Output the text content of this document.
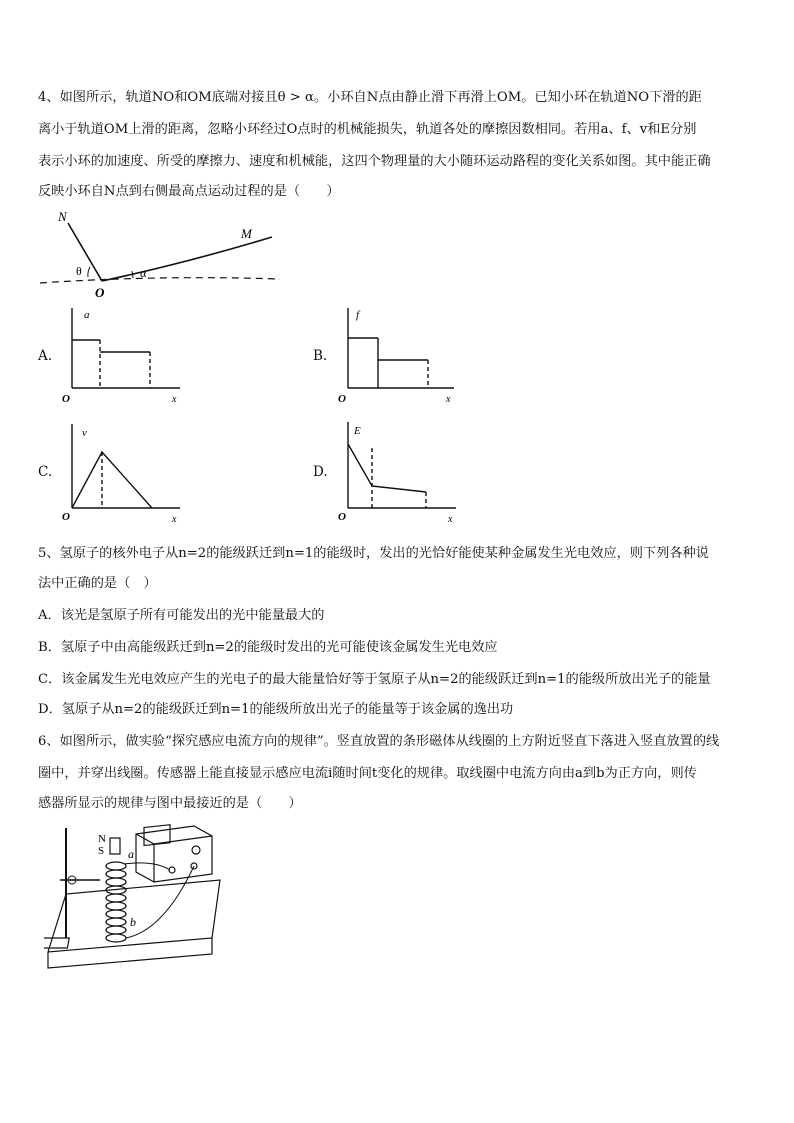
4、如图所示，轨道NO和OM底端对接且θ > α。小环自N点由静止滑下再滑上OM。已知小环在轨道NO下滑的距
离小于轨道OM上滑的距离，忽略小环经过O点时的机械能损失，轨道各处的摩擦因数相同。若用a、f、v和E分别
表示小环的加速度、所受的摩擦力、速度和机械能，这四个物理量的大小随环运动路程的变化关系如图。其中能正确
反映小环自N点到右侧最高点运动过程的是（　　）
N
M
O
θ	α
A.
a
O	x
B.
f
O	x
C.
v
O	x
D.
E
O	x
5、氢原子的核外电子从n=2的能级跃迁到n=1的能级时，发出的光恰好能使某种金属发生光电效应，则下列各种说
法中正确的是（　）
A．该光是氢原子所有可能发出的光中能量最大的
B．氢原子中由高能级跃迁到n=2的能级时发出的光可能使该金属发生光电效应
C．该金属发生光电效应产生的光电子的最大能量恰好等于氢原子从n=2的能级跃迁到n=1的能级所放出光子的能量
D．氢原子从n=2的能级跃迁到n=1的能级所放出光子的能量等于该金属的逸出功
6、如图所示，做实验“探究感应电流方向的规律”。竖直放置的条形磁体从线圈的上方附近竖直下落进入竖直放置的线
圈中，并穿出线圈。传感器上能直接显示感应电流i随时间t变化的规律。取线圈中电流方向由a到b为正方向，则传
感器所显示的规律与图中最接近的是（　　）
N
S a
b
